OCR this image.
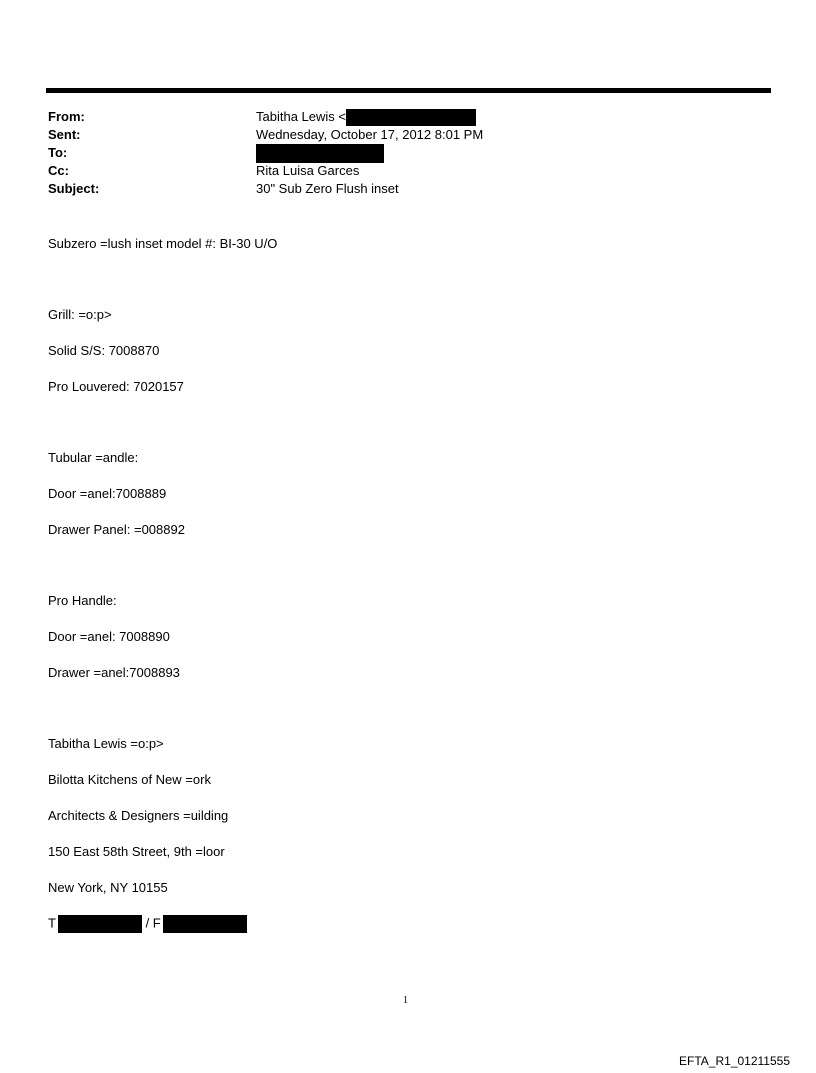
From:	Tabitha Lewis <
Sent:	Wednesday, October 17, 2012 8:01 PM
To:
Cc:	Rita Luisa Garces
Subject:	30" Sub Zero Flush inset
Subzero =lush inset model #: BI-30 U/O
Grill: =o:p>
Solid S/S: 7008870
Pro Louvered: 7020157
Tubular =andle:
Door =anel:7008889
Drawer Panel: =008892
Pro Handle:
Door =anel: 7008890
Drawer =anel:7008893
Tabitha Lewis =o:p>
Bilotta Kitchens of New =ork
Architects & Designers =uilding
150 East 58th Street, 9th =loor
New York, NY 10155
T	/ F
1
EFTA_R1_01211555
